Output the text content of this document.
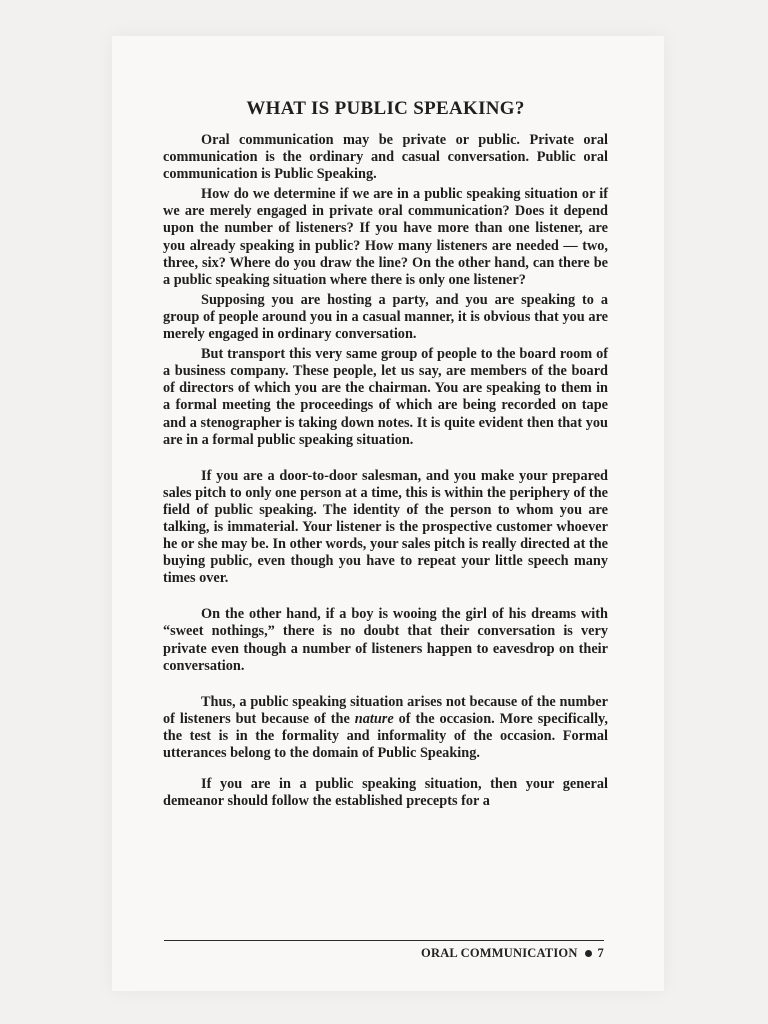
WHAT IS PUBLIC SPEAKING?

Oral communication may be private or public. Private oral communication is the ordinary and casual conversation. Public oral communication is Public Speaking.

How do we determine if we are in a public speaking situation or if we are merely engaged in private oral communication? Does it depend upon the number of listeners? If you have more than one listener, are you already speaking in public? How many listeners are needed — two, three, six? Where do you draw the line? On the other hand, can there be a public speaking situation where there is only one listener?

Supposing you are hosting a party, and you are speaking to a group of people around you in a casual manner, it is obvious that you are merely engaged in ordinary conversation.

But transport this very same group of people to the board room of a business company. These people, let us say, are members of the board of directors of which you are the chairman. You are speaking to them in a formal meeting the proceedings of which are being recorded on tape and a stenographer is taking down notes. It is quite evident then that you are in a formal public speaking situation.

If you are a door-to-door salesman, and you make your prepared sales pitch to only one person at a time, this is within the periphery of the field of public speaking. The identity of the person to whom you are talking, is immaterial. Your listener is the prospective customer whoever he or she may be. In other words, your sales pitch is really directed at the buying public, even though you have to repeat your little speech many times over.

On the other hand, if a boy is wooing the girl of his dreams with “sweet nothings,” there is no doubt that their conversation is very private even though a number of listeners happen to eavesdrop on their conversation.

Thus, a public speaking situation arises not because of the number of listeners but because of the nature of the occasion. More specifically, the test is in the formality and informality of the occasion. Formal utterances belong to the domain of Public Speaking.

If you are in a public speaking situation, then your general demeanor should follow the established precepts for a

ORAL COMMUNICATION 7
